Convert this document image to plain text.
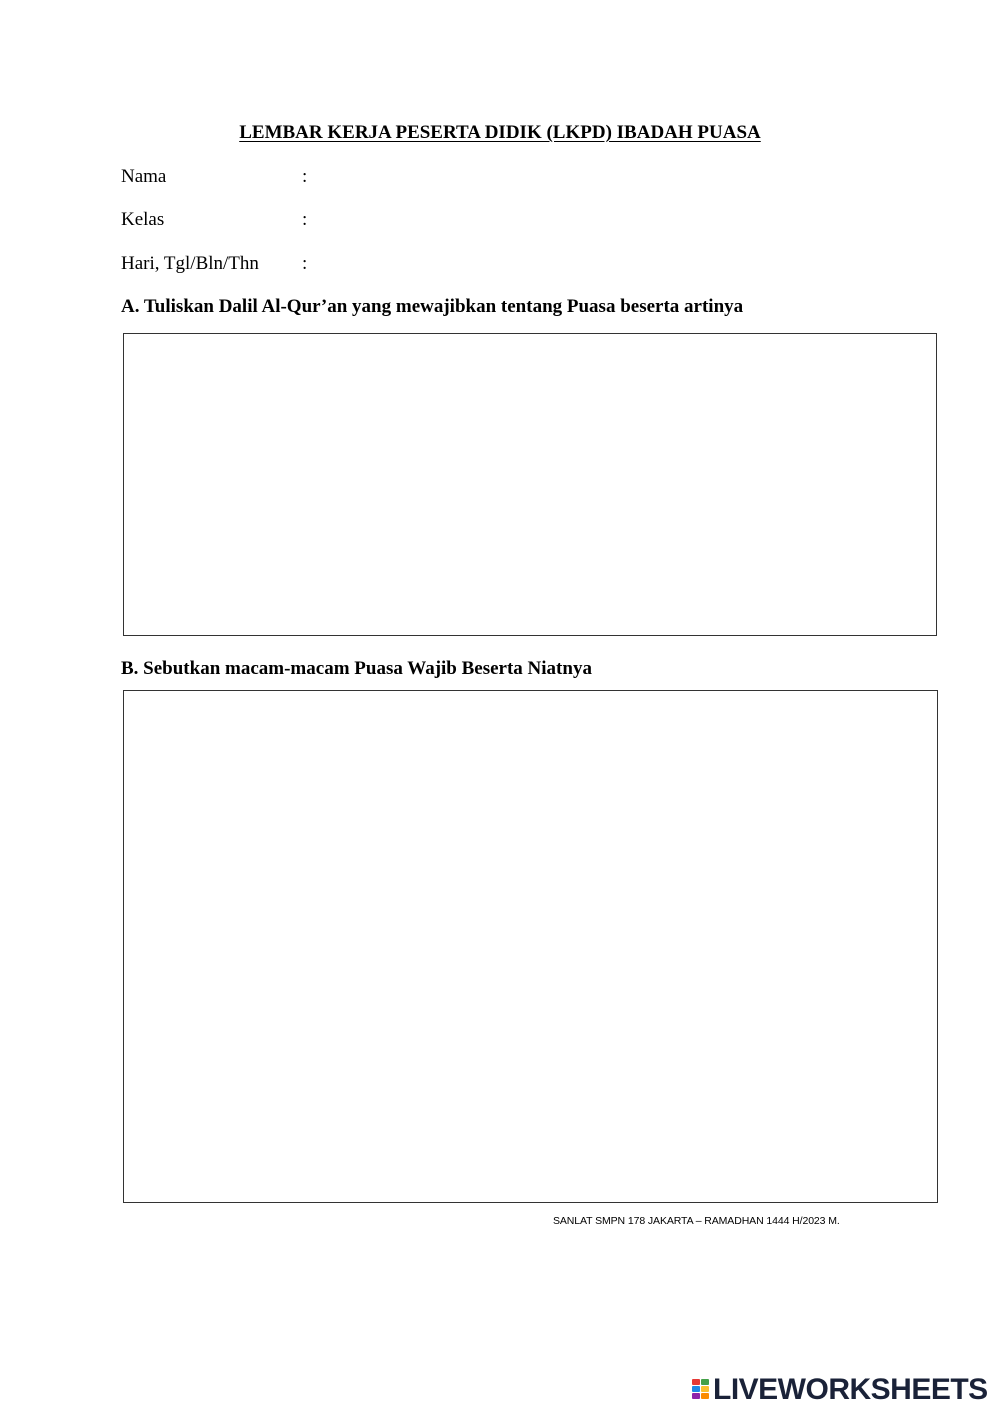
LEMBAR KERJA PESERTA DIDIK (LKPD) IBADAH PUASA
Nama	:
Kelas	:
Hari, Tgl/Bln/Thn :
A. Tuliskan Dalil Al-Qur’an yang mewajibkan tentang Puasa beserta artinya
B. Sebutkan macam-macam Puasa Wajib Beserta Niatnya
SANLAT SMPN 178 JAKARTA – RAMADHAN 1444 H/2023 M.
LIVEWORKSHEETS
